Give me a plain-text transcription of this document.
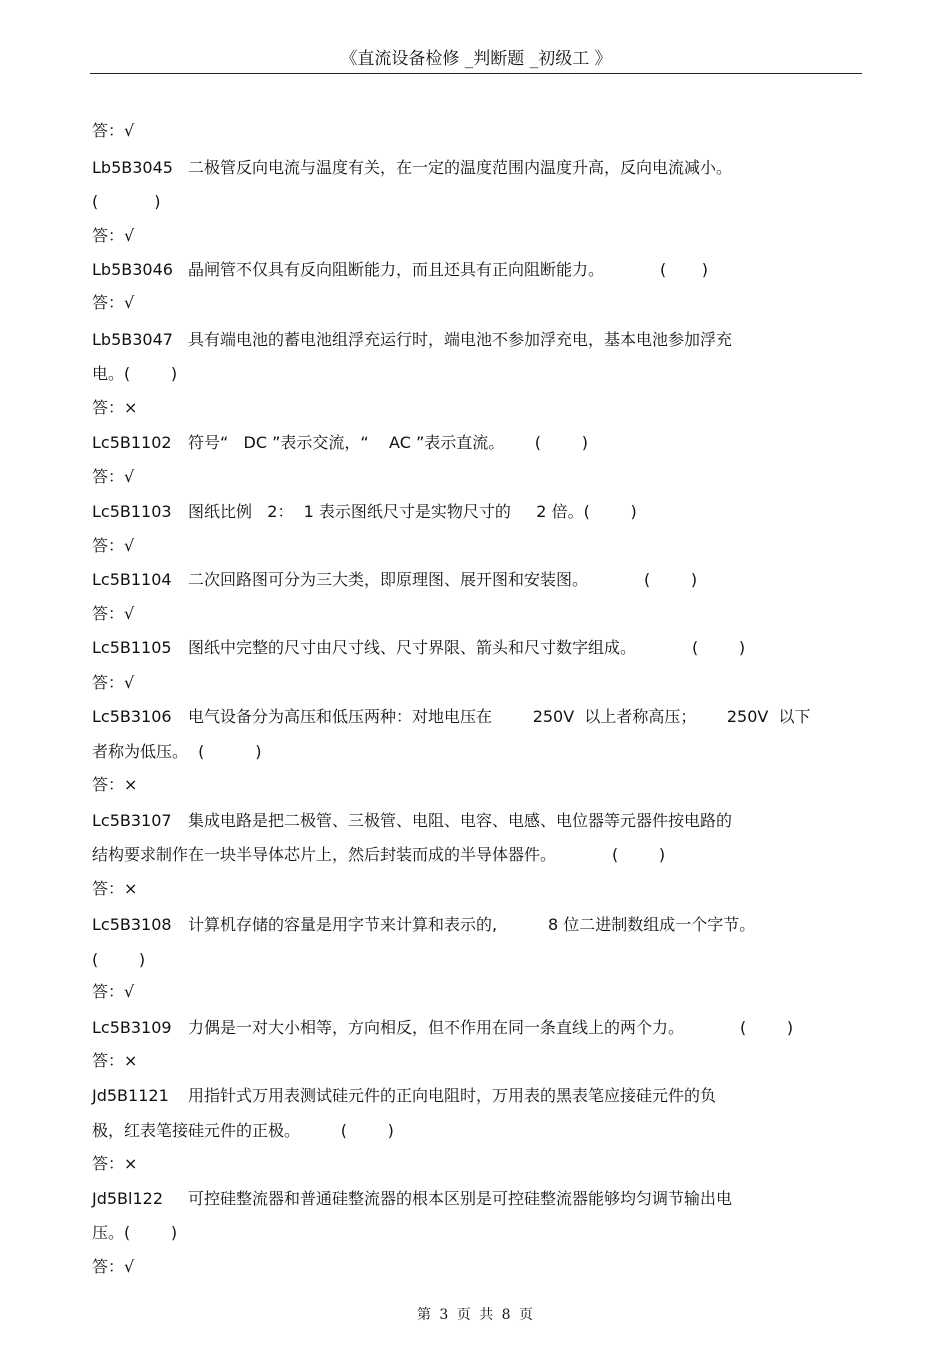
《直流设备检修 _判断题 _初级工 》
答：√
Lb5B3045 二极管反向电流与温度有关，在一定的温度范围内温度升高，反向电流减小。
(           )
答：√
Lb5B3046 晶闸管不仅具有反向阻断能力，而且还具有正向阻断能力。           (       )
答：√
Lb5B3047 具有端电池的蓄电池组浮充运行时，端电池不参加浮充电，基本电池参加浮充
电。(        )
答：×
Lc5B1102 符号“   DC ”表示交流，“    AC ”表示直流。      (        )
答：√
Lc5B1103 图纸比例   2：  1 表示图纸尺寸是实物尺寸的     2 倍。(        )
答：√
Lc5B1104 二次回路图可分为三大类，即原理图、展开图和安装图。           (        )
答：√
Lc5B1105 图纸中完整的尺寸由尺寸线、尺寸界限、箭头和尺寸数字组成。           (        )
答：√
Lc5B3106 电气设备分为高压和低压两种：对地电压在        250V  以上者称高压；      250V  以下
者称为低压。  (          )
答：×
Lc5B3107 集成电路是把二极管、三极管、电阻、电容、电感、电位器等元器件按电路的
结构要求制作在一块半导体芯片上，然后封装而成的半导体器件。           (        )
答：×
Lc5B3108 计算机存储的容量是用字节来计算和表示的,          8 位二进制数组成一个字节。
(        )
答：√
Lc5B3109 力偶是一对大小相等，方向相反，但不作用在同一条直线上的两个力。           (        )
答：×
Jd5B1121 用指针式万用表测试硅元件的正向电阻时，万用表的黑表笔应接硅元件的负
极，红表笔接硅元件的正极。        (        )
答：×
Jd5Bl122 可控硅整流器和普通硅整流器的根本区别是可控硅整流器能够均匀调节输出电
压。(        )
答：√
第 3 页 共 8 页
